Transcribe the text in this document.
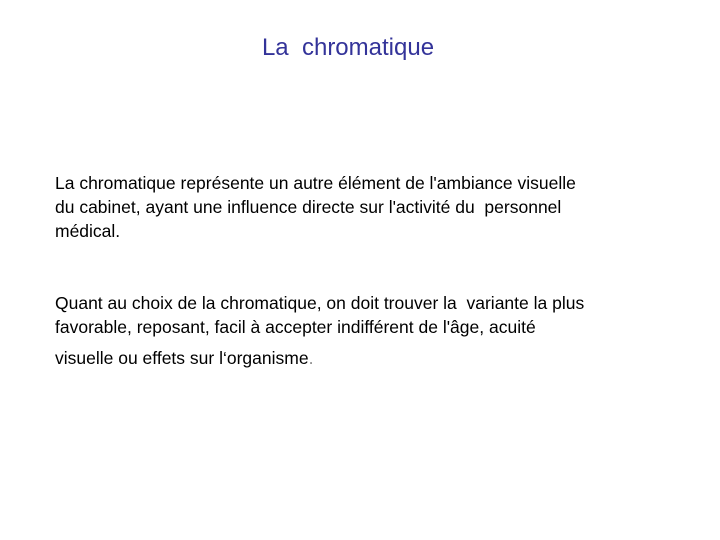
La  chromatique
La chromatique représente un autre élément de l'ambiance visuelle
du cabinet, ayant une influence directe sur l'activité du  personnel
médical.
Quant au choix de la chromatique, on doit trouver la  variante la plus
favorable, reposant, facil à accepter indifférent de l'âge, acuité
visuelle ou effets sur l‘organisme.
